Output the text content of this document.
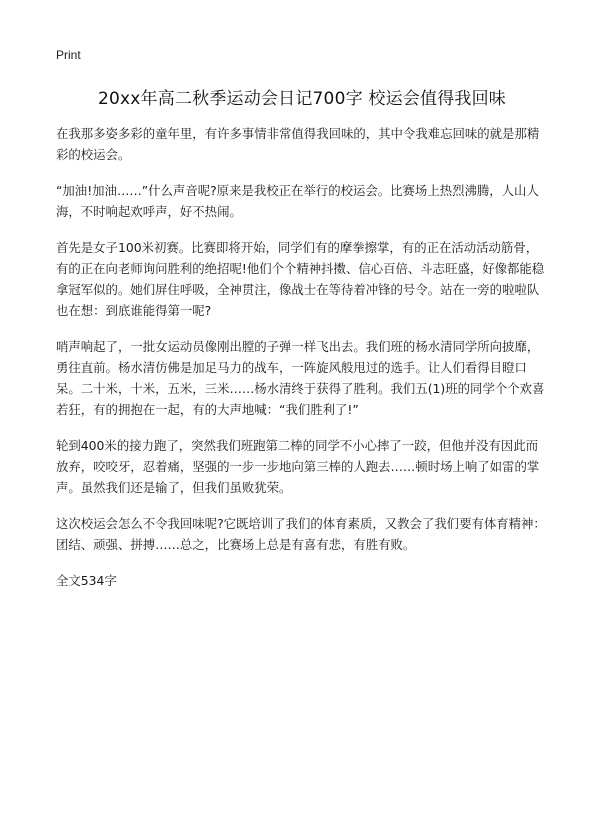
Print
20xx年高二秋季运动会日记700字 校运会值得我回味

在我那多姿多彩的童年里，有许多事情非常值得我回味的，其中令我难忘回味的就是那精彩的校运会。

“加油!加油……”什么声音呢?原来是我校正在举行的校运会。比赛场上热烈沸腾，人山人海，不时响起欢呼声，好不热闹。

首先是女子100米初赛。比赛即将开始，同学们有的摩拳擦掌，有的正在活动活动筋骨，有的正在向老师询问胜利的绝招呢!他们个个精神抖擞、信心百倍、斗志旺盛，好像都能稳拿冠军似的。她们屏住呼吸，全神贯注，像战士在等待着冲锋的号令。站在一旁的啦啦队也在想：到底谁能得第一呢?

哨声响起了，一批女运动员像刚出膛的子弹一样飞出去。我们班的杨水清同学所向披靡，勇往直前。杨水清仿佛是加足马力的战车，一阵旋风般甩过的选手。让人们看得目瞪口呆。二十米，十米，五米，三米……杨水清终于获得了胜利。我们五(1)班的同学个个欢喜若狂，有的拥抱在一起，有的大声地喊：“我们胜利了!”

轮到400米的接力跑了，突然我们班跑第二棒的同学不小心摔了一跤，但他并没有因此而放弃，咬咬牙，忍着痛，坚强的一步一步地向第三棒的人跑去……顿时场上响了如雷的掌声。虽然我们还是输了，但我们虽败犹荣。

这次校运会怎么不令我回味呢?它既培训了我们的体育素质，又教会了我们要有体育精神：团结、顽强、拼搏……总之，比赛场上总是有喜有悲，有胜有败。

全文534字
